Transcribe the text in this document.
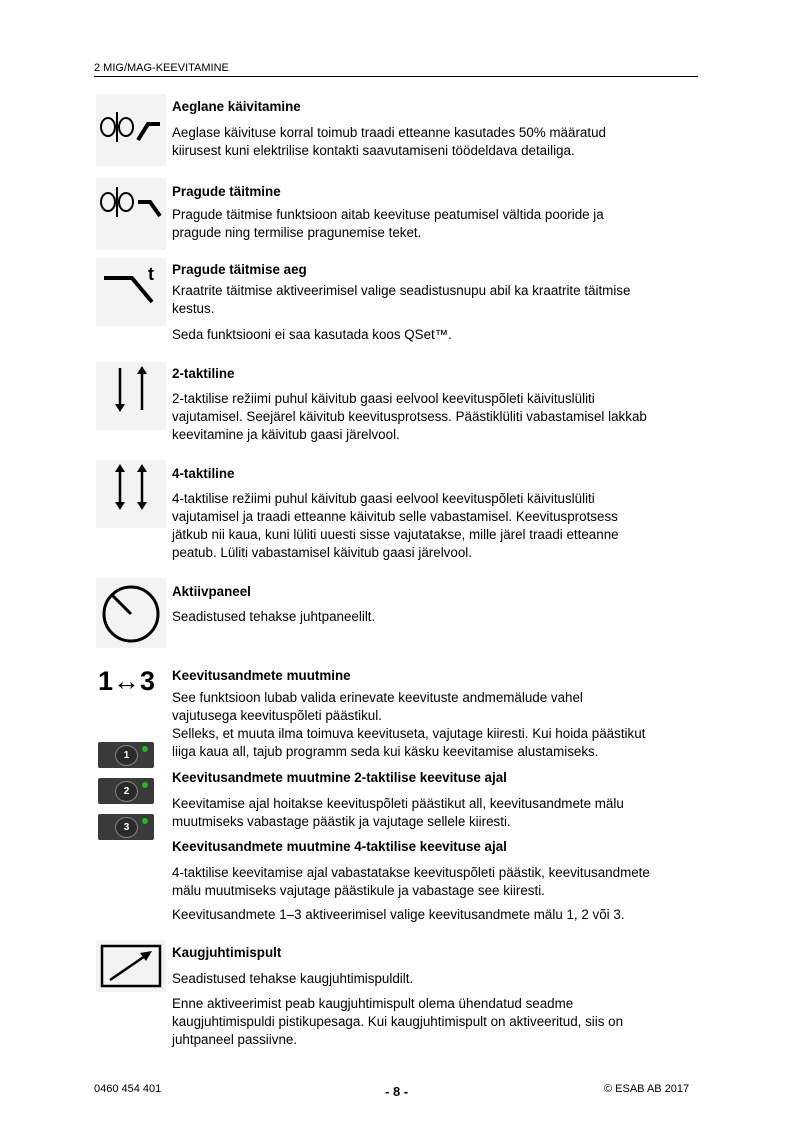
2 MIG/MAG-KEEVITAMINE
Aeglane käivitamine
Aeglase käivituse korral toimub traadi etteanne kasutades 50% määratud
kiirusest kuni elektrilise kontakti saavutamiseni töödeldava detailiga.
Pragude täitmine
Pragude täitmise funktsioon aitab keevituse peatumisel vältida pooride ja
pragude ning termilise pragunemise teket.
t Pragude täitmise aeg
Kraatrite täitmise aktiveerimisel valige seadistusnupu abil ka kraatrite täitmise
kestus.
Seda funktsiooni ei saa kasutada koos QSet™.
2-taktiline
2-taktilise režiimi puhul käivitub gaasi eelvool keevituspõleti käivituslüliti
vajutamisel. Seejärel käivitub keevitusprotsess. Päästiklüliti vabastamisel lakkab
keevitamine ja käivitub gaasi järelvool.
4-taktiline
4-taktilise režiimi puhul käivitub gaasi eelvool keevituspõleti käivituslüliti
vajutamisel ja traadi etteanne käivitub selle vabastamisel. Keevitusprotsess
jätkub nii kaua, kuni lüliti uuesti sisse vajutatakse, mille järel traadi etteanne
peatub. Lüliti vabastamisel käivitub gaasi järelvool.
Aktiivpaneel
Seadistused tehakse juhtpaneelilt.
1↔3 Keevitusandmete muutmine
See funktsioon lubab valida erinevate keevituste andmemälude vahel
vajutusega keevituspõleti päästikul.
Selleks, et muuta ilma toimuva keevituseta, vajutage kiiresti. Kui hoida päästikut
liiga kaua all, tajub programm seda kui käsku keevitamise alustamiseks.
1
2
3
Keevitusandmete muutmine 2-taktilise keevituse ajal
Keevitamise ajal hoitakse keevituspõleti päästikut all, keevitusandmete mälu
muutmiseks vabastage päästik ja vajutage sellele kiiresti.
Keevitusandmete muutmine 4-taktilise keevituse ajal
4-taktilise keevitamise ajal vabastatakse keevituspõleti päästik, keevitusandmete
mälu muutmiseks vajutage päästikule ja vabastage see kiiresti.
Keevitusandmete 1–3 aktiveerimisel valige keevitusandmete mälu 1, 2 või 3.
Kaugjuhtimispult
Seadistused tehakse kaugjuhtimispuldilt.
Enne aktiveerimist peab kaugjuhtimispult olema ühendatud seadme
kaugjuhtimispuldi pistikupesaga. Kui kaugjuhtimispult on aktiveeritud, siis on
juhtpaneel passiivne.
0460 454 401	- 8 -	© ESAB AB 2017
